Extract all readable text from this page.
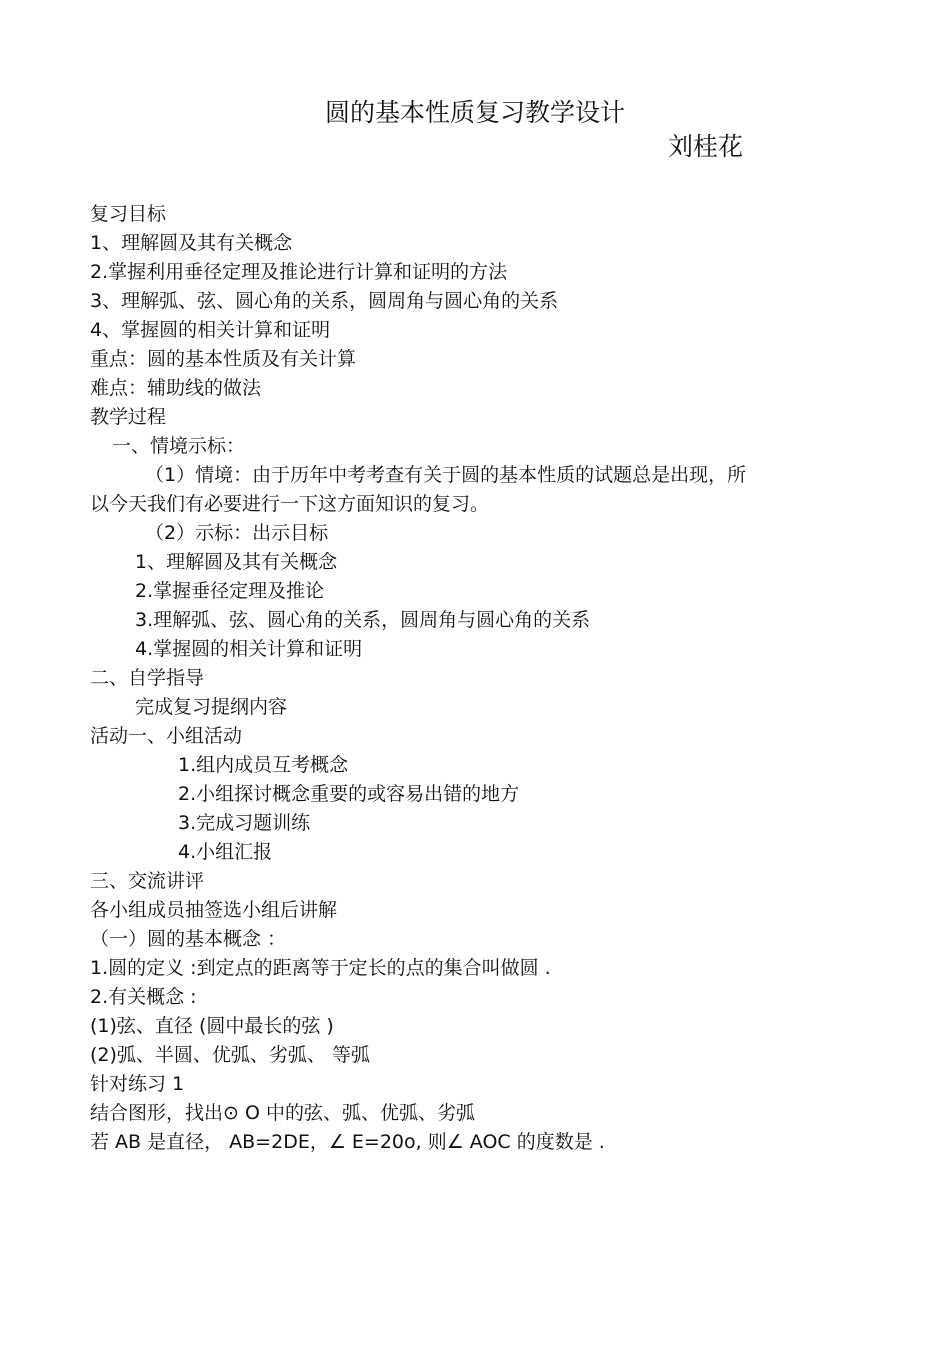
圆的基本性质复习教学设计
刘桂花
复习目标
1、理解圆及其有关概念
2.掌握利用垂径定理及推论进行计算和证明的方法
3、理解弧、弦、圆心角的关系，圆周角与圆心角的关系
4、掌握圆的相关计算和证明
重点：圆的基本性质及有关计算
难点：辅助线的做法
教学过程
一、情境示标：
（1）情境：由于历年中考考查有关于圆的基本性质的试题总是出现，所
以今天我们有必要进行一下这方面知识的复习。
（2）示标：出示目标
1、理解圆及其有关概念
2.掌握垂径定理及推论
3.理解弧、弦、圆心角的关系，圆周角与圆心角的关系
4.掌握圆的相关计算和证明
二、自学指导
完成复习提纲内容
活动一、小组活动
1.组内成员互考概念
2.小组探讨概念重要的或容易出错的地方
3.完成习题训练
4.小组汇报
三、交流讲评
各小组成员抽签选小组后讲解
（一）圆的基本概念 ：
1.圆的定义 :到定点的距离等于定长的点的集合叫做圆 .
2.有关概念 :
(1)弦、直径 (圆中最长的弦 )
(2)弧、半圆、优弧、劣弧、 等弧
针对练习 1
结合图形，找出⊙ O 中的弦、弧、优弧、劣弧
若 AB 是直径， AB=2DE，∠ E=20o, 则∠ AOC 的度数是 .
